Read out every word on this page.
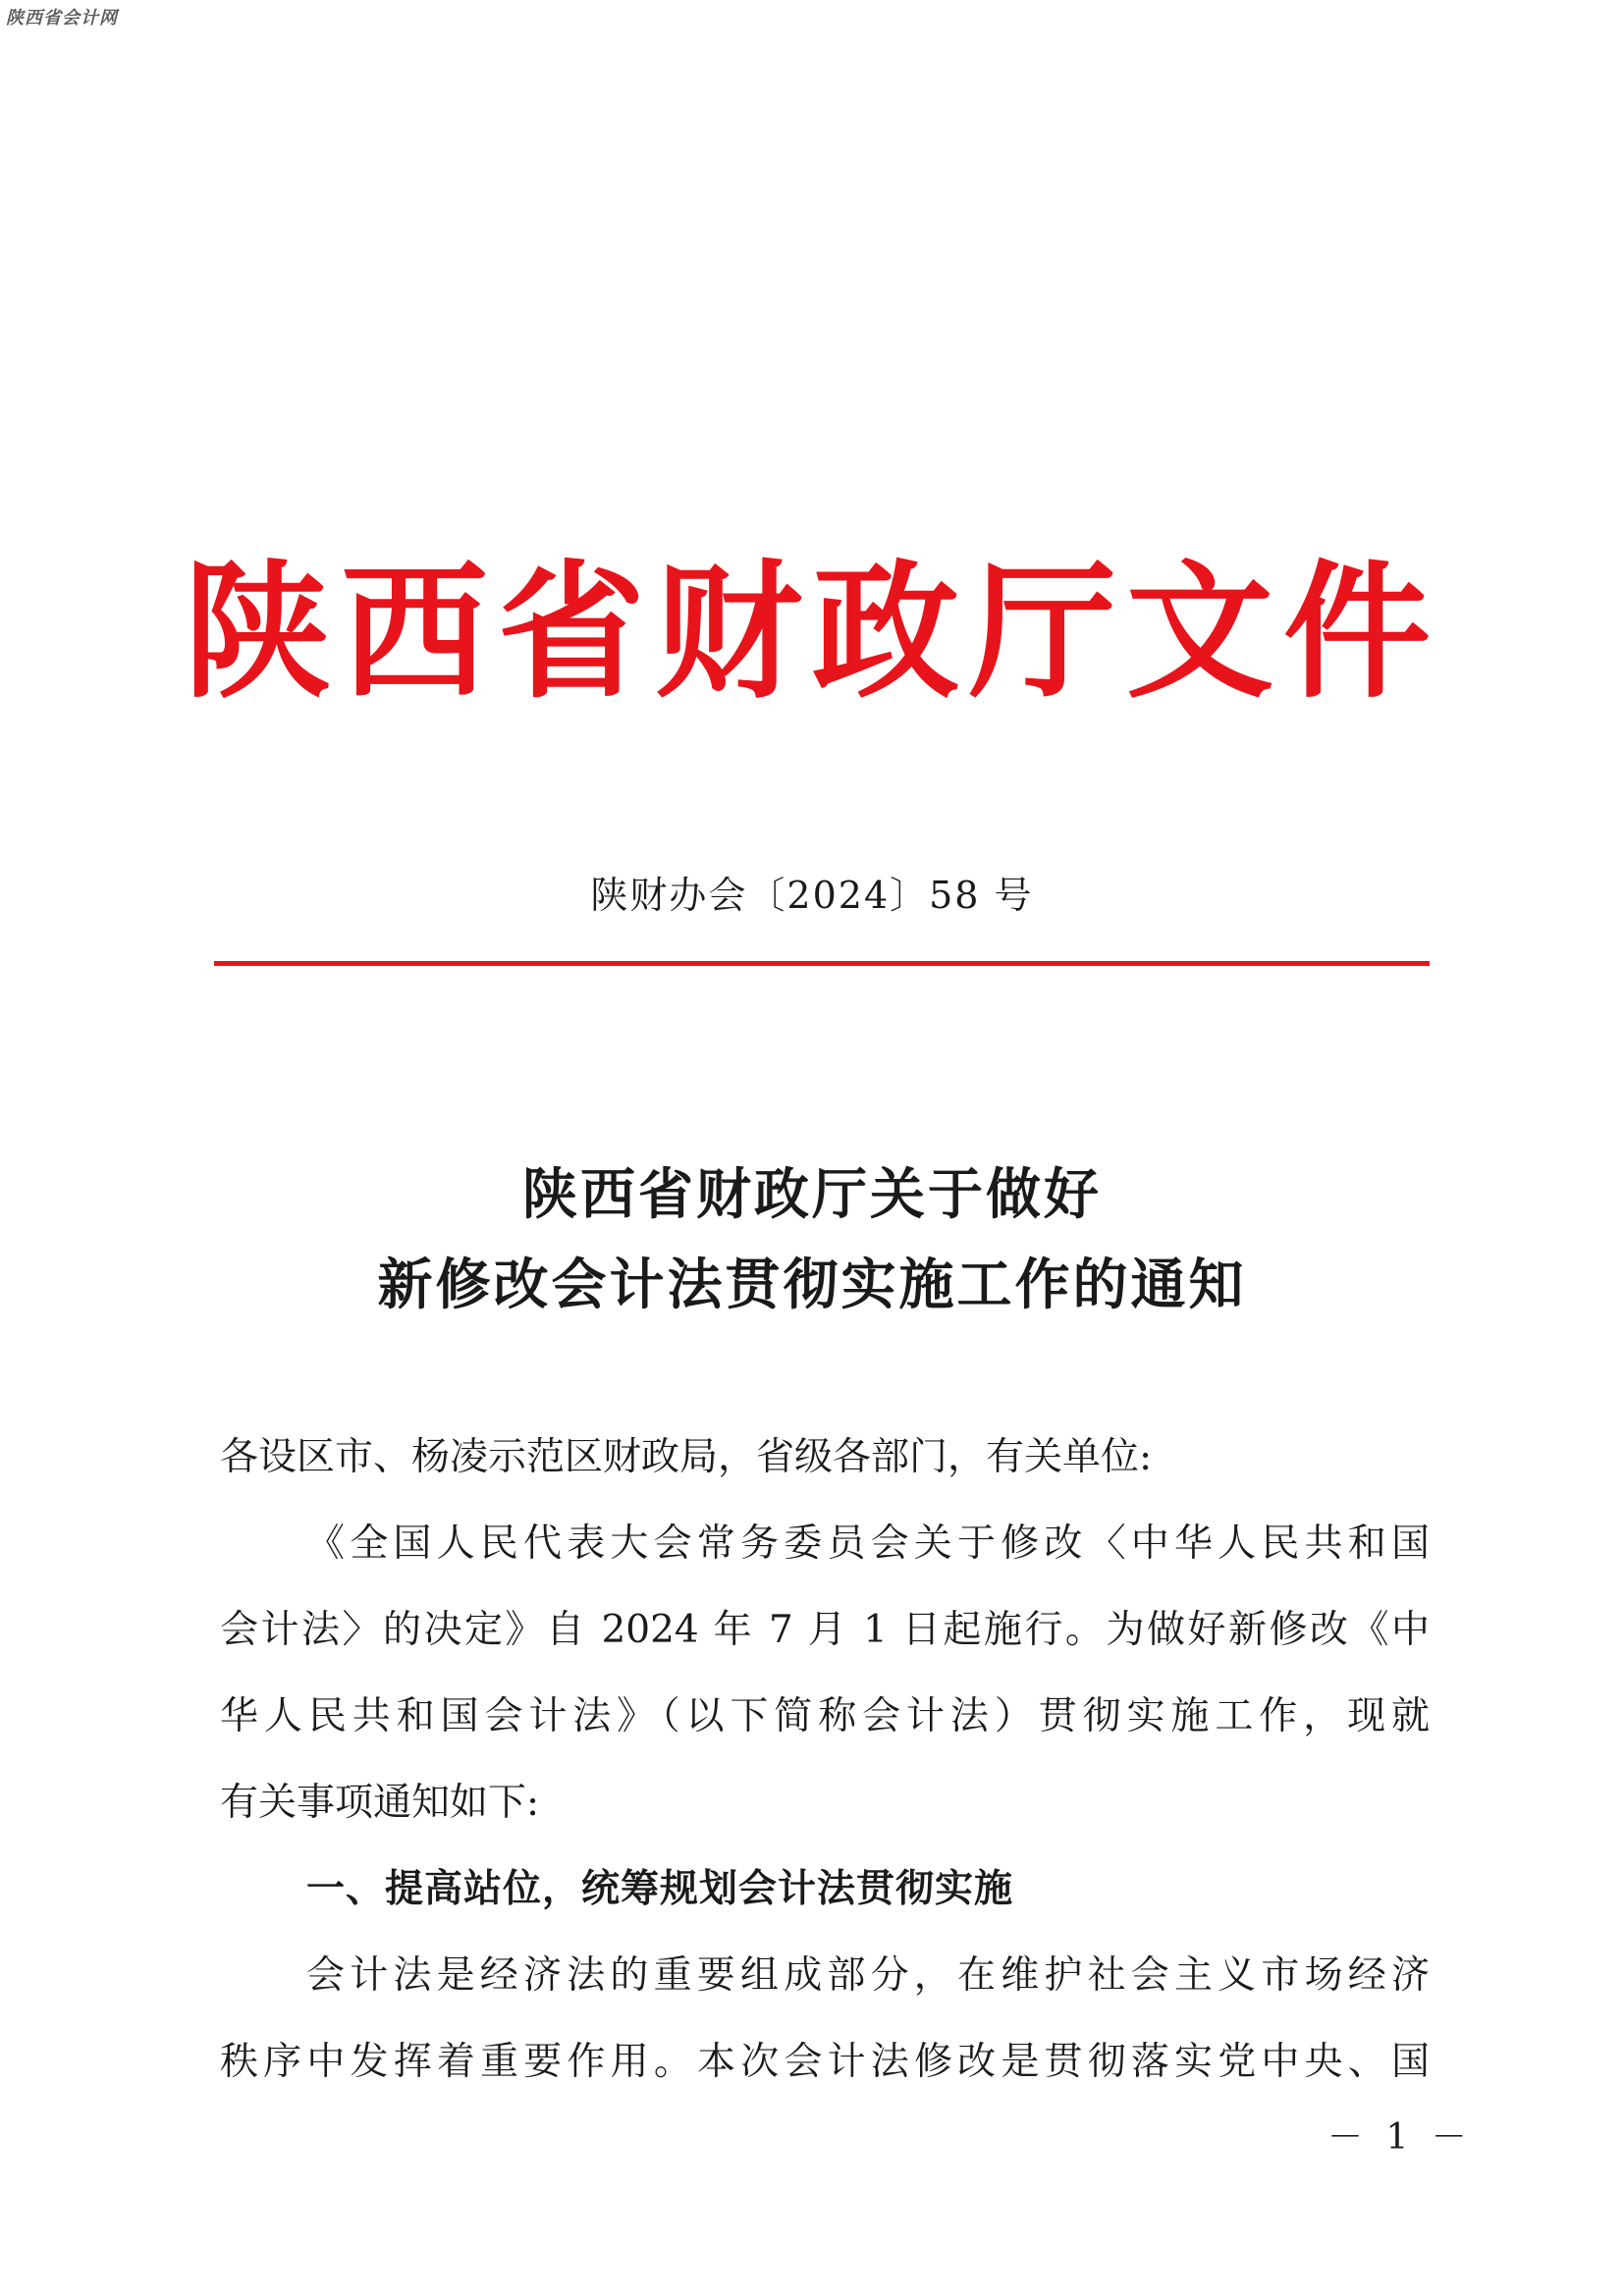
陕西省会计网
陕西省财政厅文件
陕财办会〔2024〕58 号
陕西省财政厅关于做好
新修改会计法贯彻实施工作的通知
各设区市、杨凌示范区财政局，省级各部门，有关单位:
《全国人民代表大会常务委员会关于修改〈中华人民共和国
会计法〉的决定》自 2024 年 7 月 1 日起施行。为做好新修改《中
华人民共和国会计法》（以下简称会计法）贯彻实施工作，现就
有关事项通知如下:
一、提高站位，统筹规划会计法贯彻实施
会计法是经济法的重要组成部分，在维护社会主义市场经济
秩序中发挥着重要作用。本次会计法修改是贯彻落实党中央、国
－ 1 －
